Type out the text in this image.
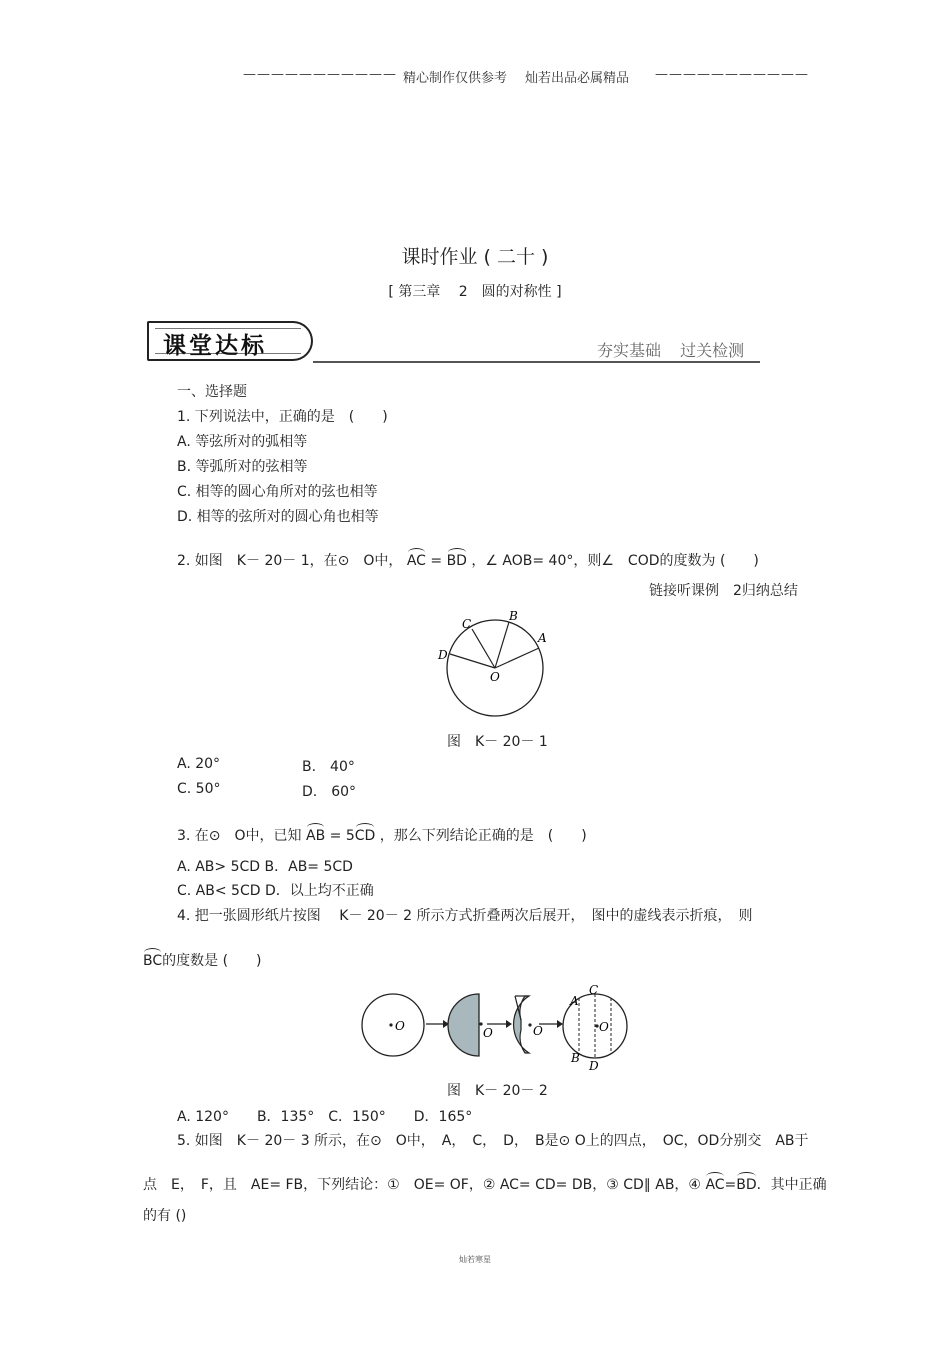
——————————— 精心制作仅供参考 灿若出品必属精品 ———————————
课时作业 ( 二十 )
[ 第三章　 2　圆的对称性 ]
课堂达标	夯实基础 过关检测
一、选择题
1. 下列说法中，正确的是　(　　)
A. 等弦所对的弧相等
B. 等弧所对的弦相等
C. 相等的圆心角所对的弦也相等
D. 相等的弦所对的圆心角也相等
2. 如图　K－ 20－ 1，在⊙　O中， AC = BD ，∠ AOB= 40°，则∠　COD的度数为 (　　)
链接听课例　2归纳总结
A
B
C
D
O
图　K－ 20－ 1
A. 20°	B.　40°
C. 50°	D.　60°
3. 在⊙　O中，已知 AB = 5CD ，那么下列结论正确的是　(　　)
A. AB> 5CD B．AB= 5CD
C. AB< 5CD D．以上均不正确
4. 把一张圆形纸片按图　 K－ 20－ 2 所示方式折叠两次后展开，　图中的虚线表示折痕，　则
BC的度数是 (　　)
O	O	O	O
A
C
B
D
图　K－ 20－ 2
A. 120°　　B．135°　C．150°　　D．165°
5. 如图　K－ 20－ 3 所示，在⊙　O中，　A，　C，　D，　B是⊙ O上的四点，　OC，OD分别交　AB于
点　E，　F，且　AE= FB，下列结论：①　OE= OF，② AC= CD= DB，③ CD∥ AB，④ AC=BD．其中正确
的有 ()
灿若寒星
